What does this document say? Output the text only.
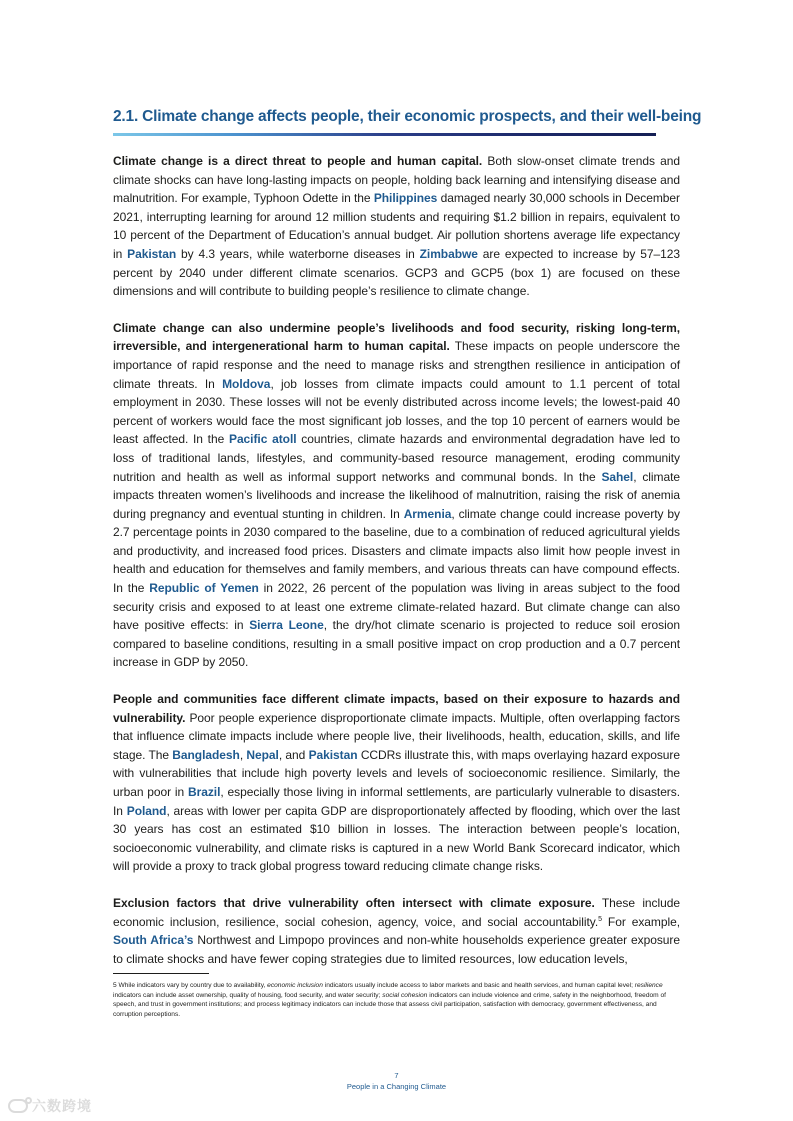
2.1. Climate change affects people, their economic prospects, and their well-being

Climate change is a direct threat to people and human capital. Both slow-onset climate trends and climate shocks can have long-lasting impacts on people, holding back learning and intensifying disease and malnutrition. For example, Typhoon Odette in the Philippines damaged nearly 30,000 schools in December 2021, interrupting learning for around 12 million students and requiring $1.2 billion in repairs, equivalent to 10 percent of the Department of Education’s annual budget. Air pollution shortens average life expectancy in Pakistan by 4.3 years, while waterborne diseases in Zimbabwe are expected to increase by 57–123 percent by 2040 under different climate scenarios. GCP3 and GCP5 (box 1) are focused on these dimensions and will contribute to building people’s resilience to climate change.

Climate change can also undermine people’s livelihoods and food security, risking long-term, irreversible, and intergenerational harm to human capital. These impacts on people underscore the importance of rapid response and the need to manage risks and strengthen resilience in anticipation of climate threats. In Moldova, job losses from climate impacts could amount to 1.1 percent of total employment in 2030. These losses will not be evenly distributed across income levels; the lowest-paid 40 percent of workers would face the most significant job losses, and the top 10 percent of earners would be least affected. In the Pacific atoll countries, climate hazards and environmental degradation have led to loss of traditional lands, lifestyles, and community-based resource management, eroding community nutrition and health as well as informal support networks and communal bonds. In the Sahel, climate impacts threaten women’s livelihoods and increase the likelihood of malnutrition, raising the risk of anemia during pregnancy and eventual stunting in children. In Armenia, climate change could increase poverty by 2.7 percentage points in 2030 compared to the baseline, due to a combination of reduced agricultural yields and productivity, and increased food prices. Disasters and climate impacts also limit how people invest in health and education for themselves and family members, and various threats can have compound effects. In the Republic of Yemen in 2022, 26 percent of the population was living in areas subject to the food security crisis and exposed to at least one extreme climate-related hazard. But climate change can also have positive effects: in Sierra Leone, the dry/hot climate scenario is projected to reduce soil erosion compared to baseline conditions, resulting in a small positive impact on crop production and a 0.7 percent increase in GDP by 2050.

People and communities face different climate impacts, based on their exposure to hazards and vulnerability. Poor people experience disproportionate climate impacts. Multiple, often overlapping factors that influence climate impacts include where people live, their livelihoods, health, education, skills, and life stage. The Bangladesh, Nepal, and Pakistan CCDRs illustrate this, with maps overlaying hazard exposure with vulnerabilities that include high poverty levels and levels of socioeconomic resilience. Similarly, the urban poor in Brazil, especially those living in informal settlements, are particularly vulnerable to disasters. In Poland, areas with lower per capita GDP are disproportionately affected by flooding, which over the last 30 years has cost an estimated $10 billion in losses. The interaction between people’s location, socioeconomic vulnerability, and climate risks is captured in a new World Bank Scorecard indicator, which will provide a proxy to track global progress toward reducing climate change risks.

Exclusion factors that drive vulnerability often intersect with climate exposure. These include economic inclusion, resilience, social cohesion, agency, voice, and social accountability.$^5$ For example, South Africa’s Northwest and Limpopo provinces and non-white households experience greater exposure to climate shocks and have fewer coping strategies due to limited resources, low education levels,

5 While indicators vary by country due to availability, economic inclusion indicators usually include access to labor markets and basic and health services, and human capital level; resilience indicators can include asset ownership, quality of housing, food security, and water security; social cohesion indicators can include violence and crime, safety in the neighborhood, freedom of speech, and trust in government institutions; and process legitimacy indicators can include those that assess civil participation, satisfaction with democracy, government effectiveness, and corruption perceptions.
7
People in a Changing Climate
六数跨境
